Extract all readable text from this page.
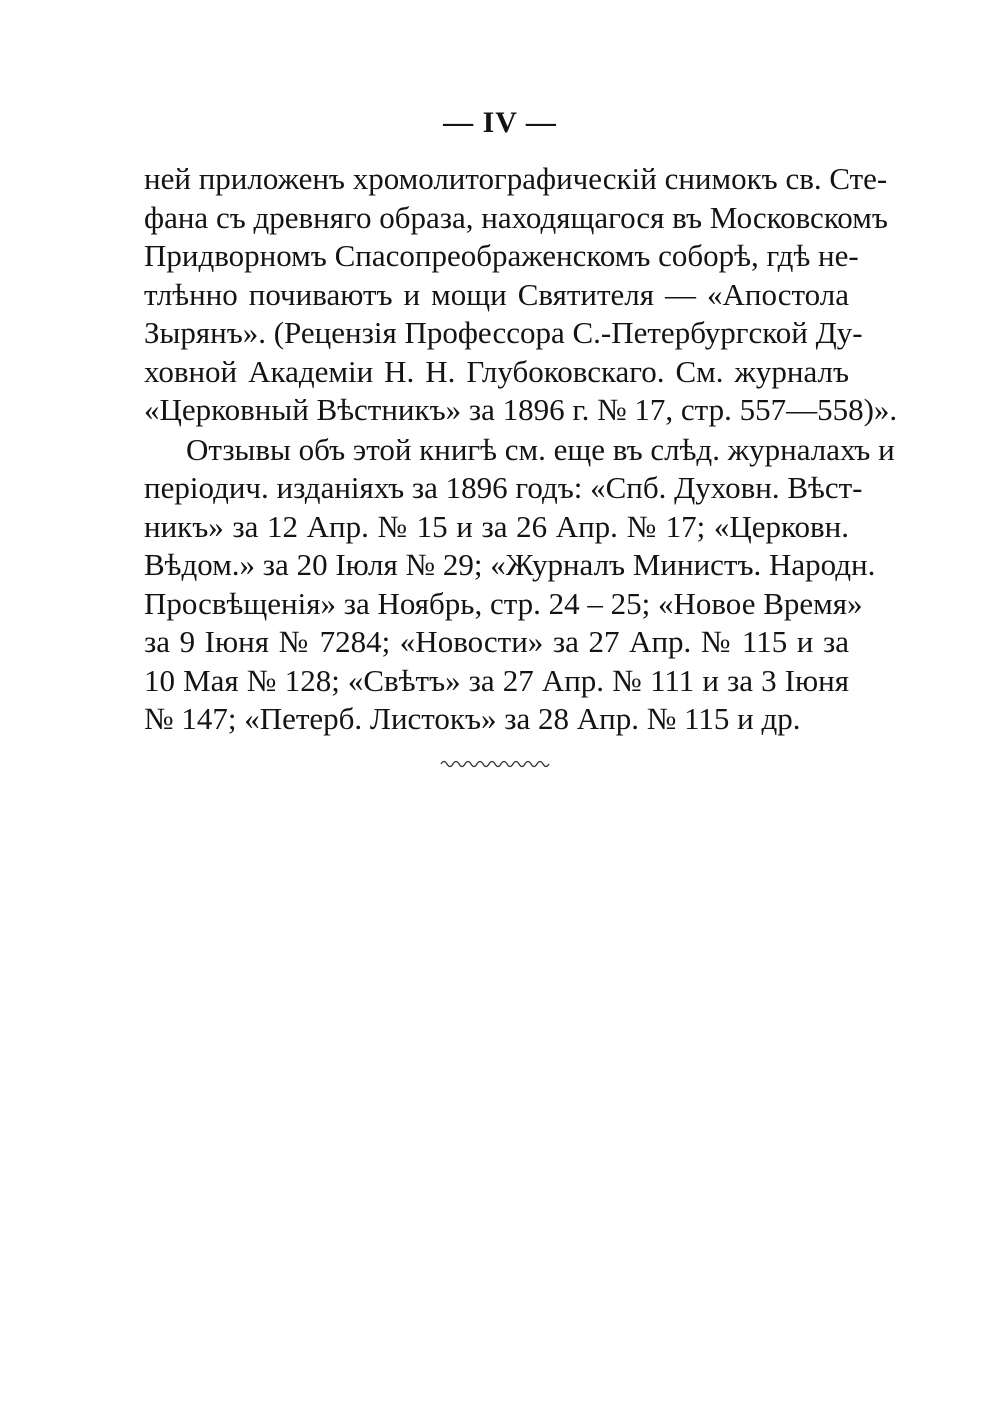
— IV —
ней приложенъ хромолитографическій снимокъ св. Сте-
фана съ древняго образа, находящагося въ Московскомъ
Придворномъ Спасопреображенскомъ соборѣ, гдѣ не-
тлѣнно почиваютъ и мощи Святителя — «Апостола
Зырянъ». (Рецензія Профессора С.-Петербургской Ду-
ховной Академіи Н. Н. Глубоковскаго. См. журналъ
«Церковный Вѣстникъ» за 1896 г. № 17, стр. 557—558)».
Отзывы объ этой книгѣ см. еще въ слѣд. журналахъ и
періодич. изданіяхъ за 1896 годъ: «Спб. Духовн. Вѣст-
никъ» за 12 Апр. № 15 и за 26 Апр. № 17; «Церковн.
Вѣдом.» за 20 Іюля № 29; «Журналъ Министъ. Народн.
Просвѣщенія» за Ноябрь, стр. 24 – 25; «Новое Время»
за 9 Іюня № 7284; «Новости» за 27 Апр. № 115 и за
10 Мая № 128; «Свѣтъ» за 27 Апр. № 111 и за 3 Іюня
№ 147; «Петерб. Листокъ» за 28 Апр. № 115 и др.
